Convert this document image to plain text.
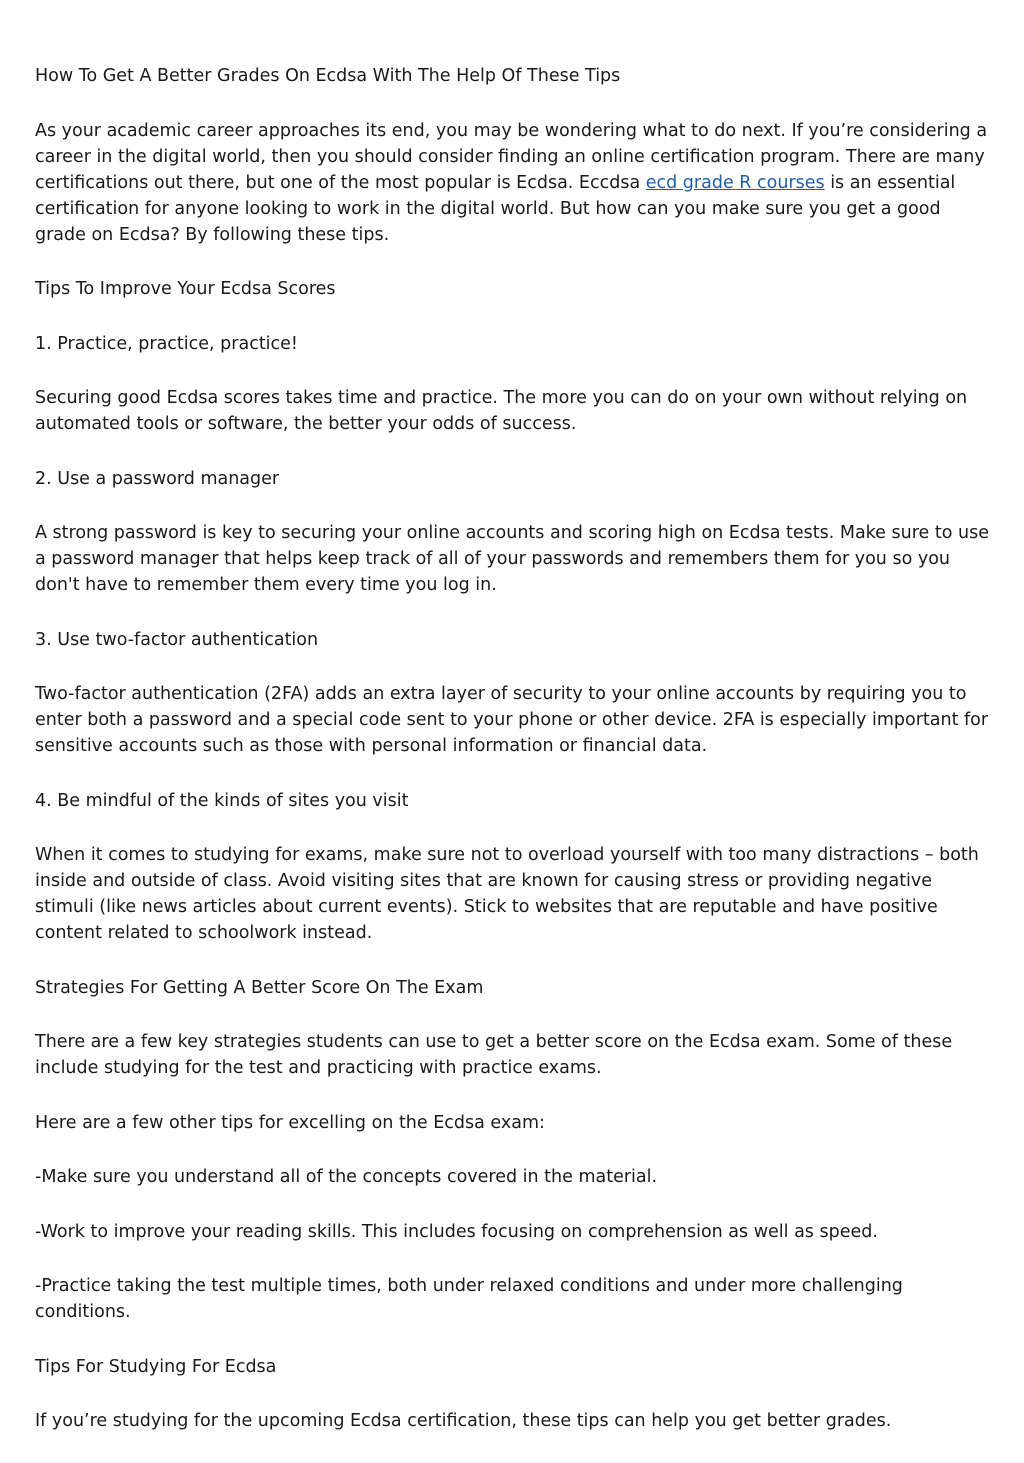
How To Get A Better Grades On Ecdsa With The Help Of These Tips

As your academic career approaches its end, you may be wondering what to do next. If you’re considering a career in the digital world, then you should consider finding an online certification program. There are many certifications out there, but one of the most popular is Ecdsa. Eccdsa ecd grade R courses is an essential certification for anyone looking to work in the digital world. But how can you make sure you get a good grade on Ecdsa? By following these tips.

Tips To Improve Your Ecdsa Scores

1. Practice, practice, practice!

Securing good Ecdsa scores takes time and practice. The more you can do on your own without relying on automated tools or software, the better your odds of success.

2. Use a password manager

A strong password is key to securing your online accounts and scoring high on Ecdsa tests. Make sure to use a password manager that helps keep track of all of your passwords and remembers them for you so you don't have to remember them every time you log in.

3. Use two-factor authentication

Two-factor authentication (2FA) adds an extra layer of security to your online accounts by requiring you to enter both a password and a special code sent to your phone or other device. 2FA is especially important for sensitive accounts such as those with personal information or financial data.

4. Be mindful of the kinds of sites you visit

When it comes to studying for exams, make sure not to overload yourself with too many distractions – both inside and outside of class. Avoid visiting sites that are known for causing stress or providing negative stimuli (like news articles about current events). Stick to websites that are reputable and have positive content related to schoolwork instead.

Strategies For Getting A Better Score On The Exam

There are a few key strategies students can use to get a better score on the Ecdsa exam. Some of these include studying for the test and practicing with practice exams.

Here are a few other tips for excelling on the Ecdsa exam:

-Make sure you understand all of the concepts covered in the material.

-Work to improve your reading skills. This includes focusing on comprehension as well as speed.

-Practice taking the test multiple times, both under relaxed conditions and under more challenging conditions.

Tips For Studying For Ecdsa

If you’re studying for the upcoming Ecdsa certification, these tips can help you get better grades.
